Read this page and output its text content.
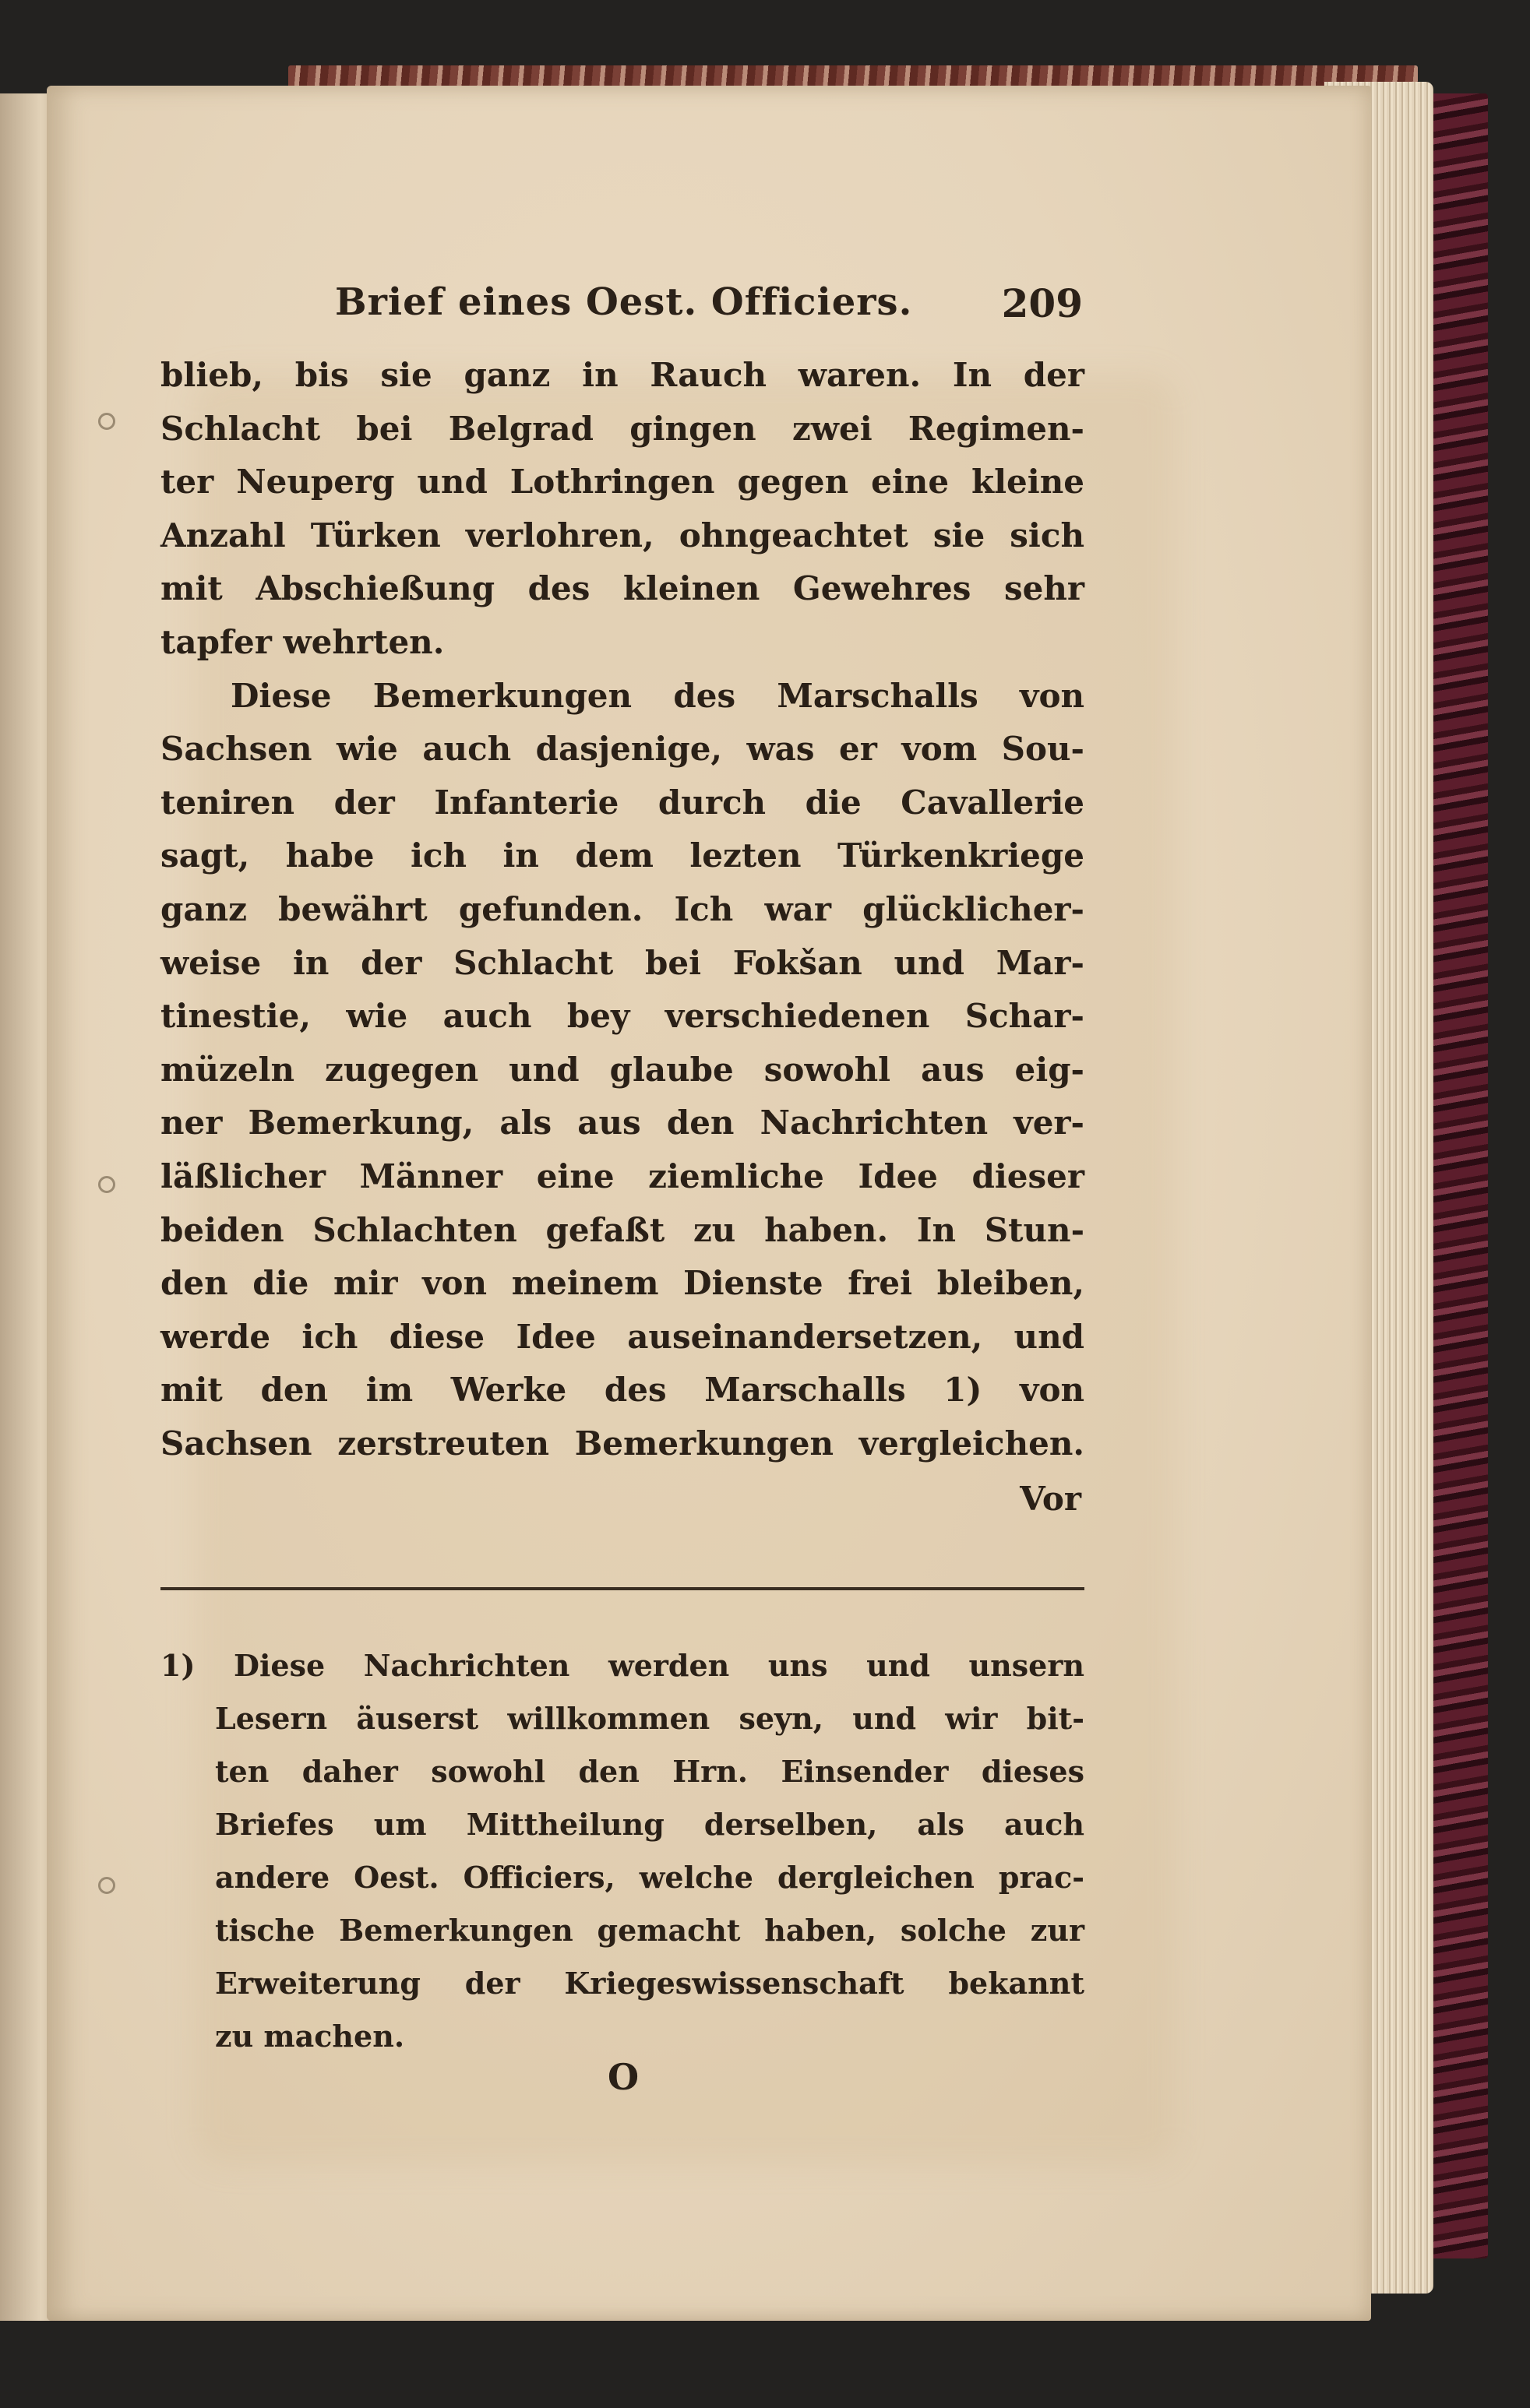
Brief eines Oest. Officiers. 209
blieb, bis sie ganz in Rauch waren. In der
Schlacht bei Belgrad gingen zwei Regimen-
ter Neuperg und Lothringen gegen eine kleine
Anzahl Türken verlohren, ohngeachtet sie sich
mit Abschießung des kleinen Gewehres sehr
tapfer wehrten.
Diese Bemerkungen des Marschalls von
Sachsen wie auch dasjenige, was er vom Sou-
teniren der Infanterie durch die Cavallerie
sagt, habe ich in dem lezten Türkenkriege
ganz bewährt gefunden. Ich war glücklicher-
weise in der Schlacht bei Fokšan und Mar-
tinestie, wie auch bey verschiedenen Schar-
müzeln zugegen und glaube sowohl aus eig-
ner Bemerkung, als aus den Nachrichten ver-
läßlicher Männer eine ziemliche Idee dieser
beiden Schlachten gefaßt zu haben. In Stun-
den die mir von meinem Dienste frei bleiben,
werde ich diese Idee auseinandersetzen, und
mit den im Werke des Marschalls 1) von
Sachsen zerstreuten Bemerkungen vergleichen.
Vor
1) Diese Nachrichten werden uns und unsern
Lesern äuserst willkommen seyn, und wir bit-
ten daher sowohl den Hrn. Einsender dieses
Briefes um Mittheilung derselben, als auch
andere Oest. Officiers, welche dergleichen prac-
tische Bemerkungen gemacht haben, solche zur
Erweiterung der Kriegeswissenschaft bekannt
zu machen.
O
